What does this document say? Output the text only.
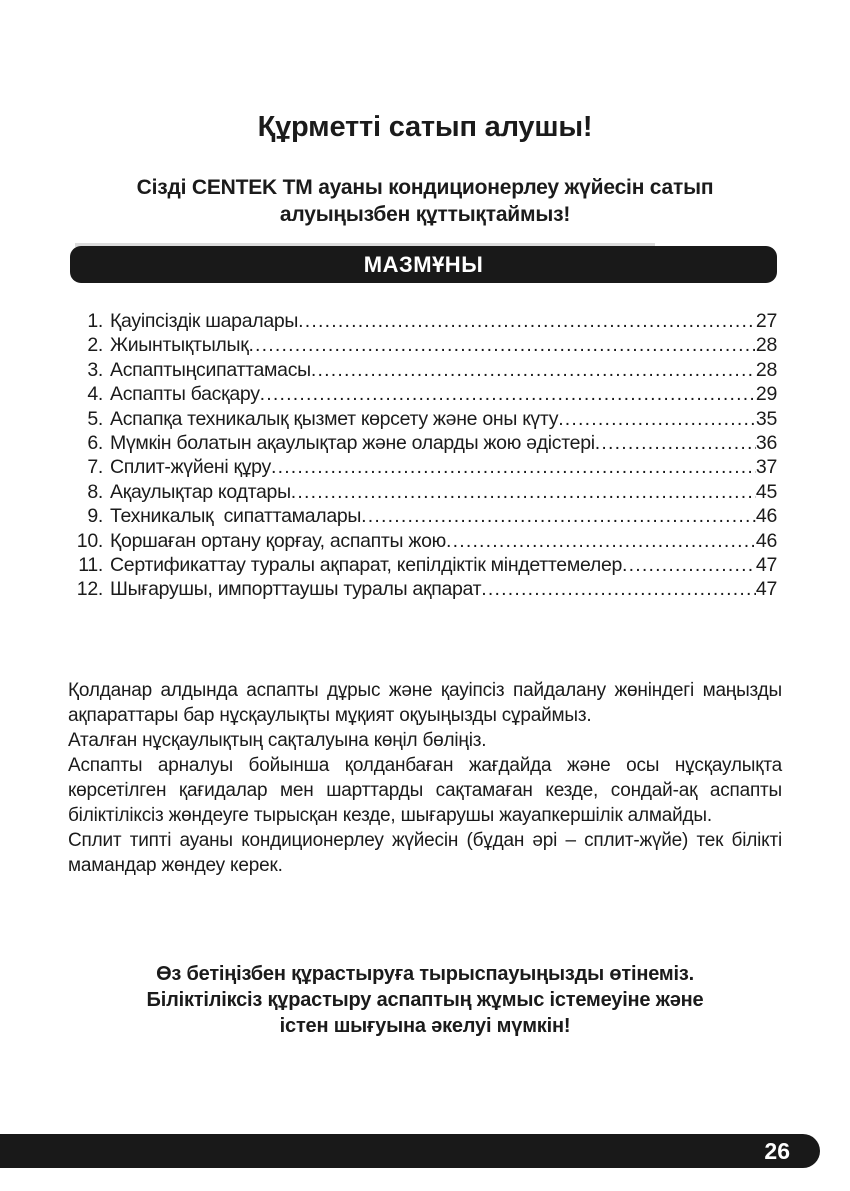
Құрметті сатып алушы!
Сізді CENTEK ТМ ауаны кондиционерлеу жүйесін сатып
алуыңызбен құттықтаймыз!
МАЗМҰНЫ
1. Қауіпсіздік шаралары .....	27
2. Жиынтықтылық .....	28
3. Аспаптыңсипаттамасы .....	28
4. Аспапты басқару .....	29
5. Аспапқа техникалық қызмет көрсету және оны күту .....	35
6. Мүмкін болатын ақаулықтар және оларды жою әдістері .....	36
7. Сплит-жүйені құру .....	37
8. Ақаулықтар кодтары .....	45
9. Техникалық  сипаттамалары .....	46
10. Қоршаған ортану қорғау, аспапты жою .....	46
11. Сертификаттау туралы ақпарат, кепілдіктік міндеттемелер .....	47
12. Шығарушы, импорттаушы туралы ақпарат .....	47

Қолданар алдында аспапты дұрыс және қауіпсіз пайдалану жөніндегі маңызды ақпараттары бар нұсқаулықты мұқият оқуыңызды сұраймыз.

Аталған нұсқаулықтың сақталуына көңіл бөліңіз.

Аспапты арналуы бойынша қолданбаған жағдайда және осы нұсқаулықта көрсетілген қағидалар мен шарттарды сақтамаған кезде, сондай-ақ аспапты біліктіліксіз жөндеуге тырысқан кезде, шығарушы жауапкершілік алмайды.

Сплит типті ауаны кондиционерлеу жүйесін (бұдан әрі – сплит-жүйе) тек білікті мамандар жөндеу керек.

Өз бетіңізбен құрастыруға тырыспауыңызды өтінеміз.
Біліктіліксіз құрастыру аспаптың жұмыс істемеуіне және
істен шығуына әкелуі мүмкін!
26
